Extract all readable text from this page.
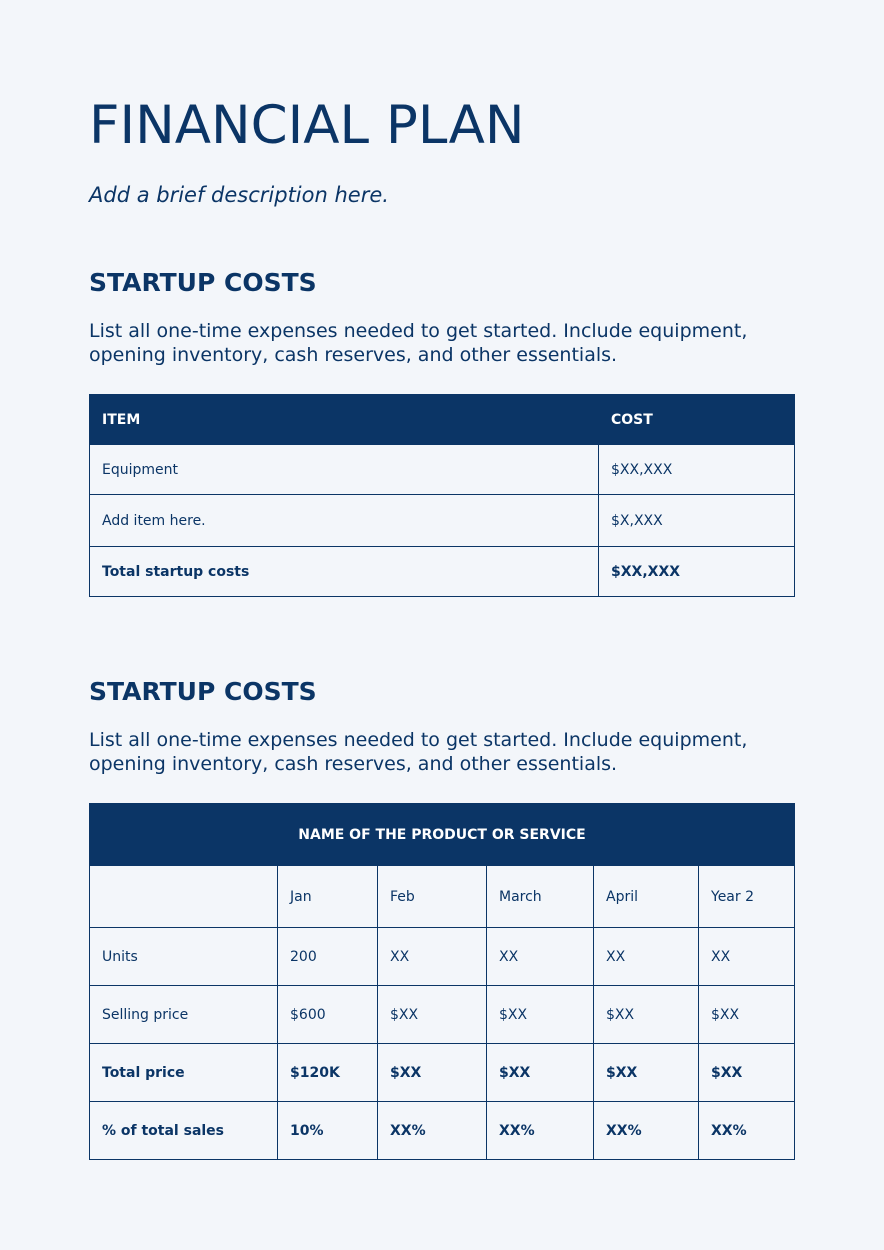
FINANCIAL PLAN

Add a brief description here.

STARTUP COSTS

List all one-time expenses needed to get started. Include equipment, opening inventory, cash reserves, and other essentials.

ITEM	COST
Equipment	$XX,XXX
Add item here.	$X,XXX
Total startup costs	$XX,XXX
STARTUP COSTS

List all one-time expenses needed to get started. Include equipment, opening inventory, cash reserves, and other essentials.

NAME OF THE PRODUCT OR SERVICE					
	Jan	Feb	March	April	Year 2
Units	200	XX	XX	XX	XX
Selling price	$600	$XX	$XX	$XX	$XX
Total price	$120K	$XX	$XX	$XX	$XX
% of total sales	10%	XX%	XX%	XX%	XX%
